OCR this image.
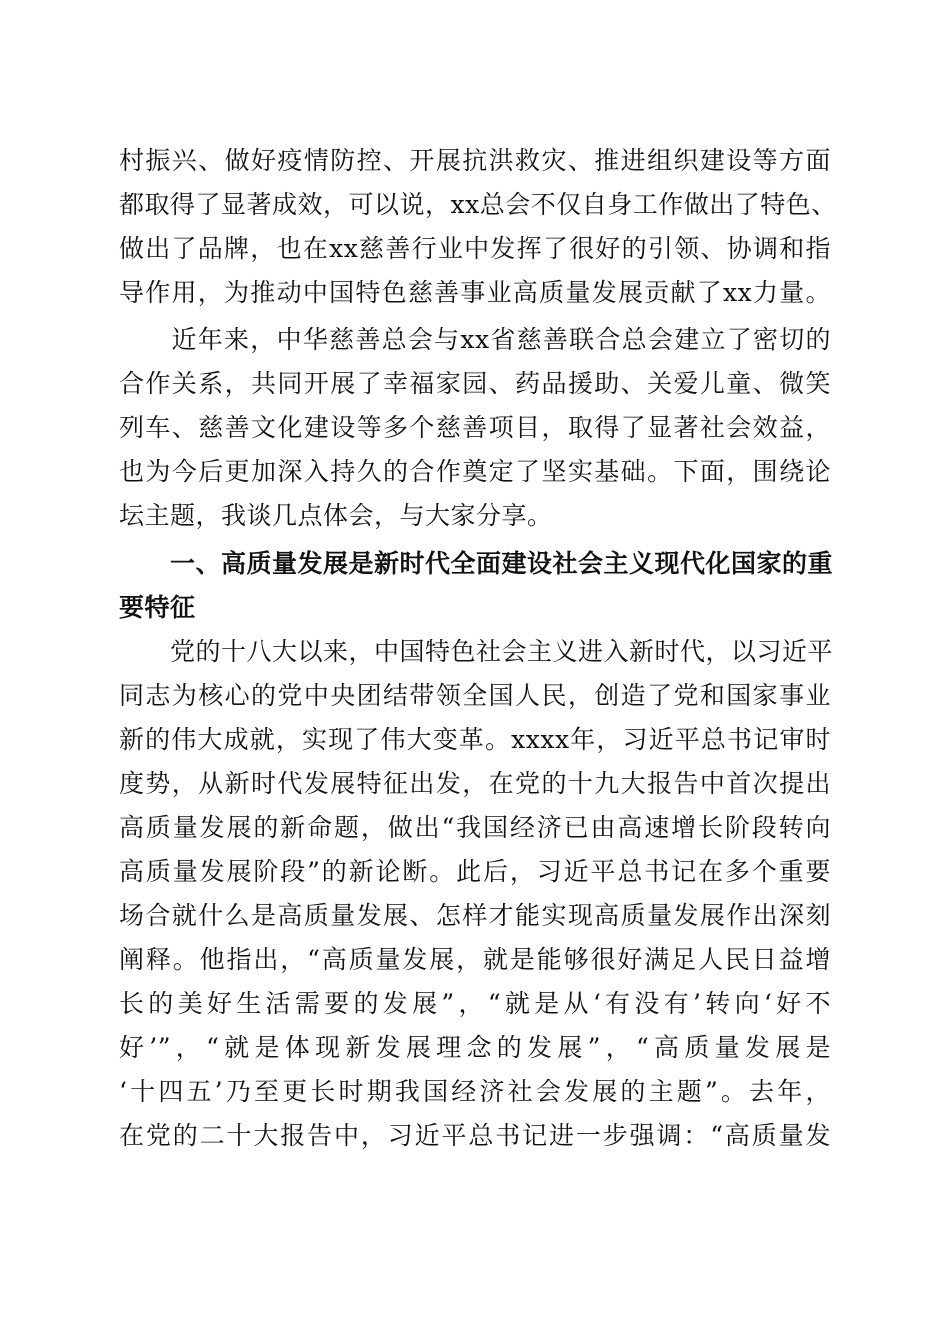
村振兴、做好疫情防控、开展抗洪救灾、推进组织建设等方面
都取得了显著成效，可以说，xx总会不仅自身工作做出了特色、
做出了品牌，也在xx慈善行业中发挥了很好的引领、协调和指
导作用，为推动中国特色慈善事业高质量发展贡献了xx力量。
　　近年来，中华慈善总会与xx省慈善联合总会建立了密切的
合作关系，共同开展了幸福家园、药品援助、关爱儿童、微笑
列车、慈善文化建设等多个慈善项目，取得了显著社会效益，
也为今后更加深入持久的合作奠定了坚实基础。下面，围绕论
坛主题，我谈几点体会，与大家分享。
　　一、高质量发展是新时代全面建设社会主义现代化国家的重
要特征
　　党的十八大以来，中国特色社会主义进入新时代，以习近平
同志为核心的党中央团结带领全国人民，创造了党和国家事业
新的伟大成就，实现了伟大变革。xxxx年，习近平总书记审时
度势，从新时代发展特征出发，在党的十九大报告中首次提出
高质量发展的新命题，做出“我国经济已由高速增长阶段转向
高质量发展阶段”的新论断。此后，习近平总书记在多个重要
场合就什么是高质量发展、怎样才能实现高质量发展作出深刻
阐释。他指出，“高质量发展，就是能够很好满足人民日益增
长的美好生活需要的发展”，“就是从‘有没有’转向‘好不
好’”，“就是体现新发展理念的发展”，“高质量发展是
‘十四五’乃至更长时期我国经济社会发展的主题”。去年，
在党的二十大报告中，习近平总书记进一步强调：“高质量发
